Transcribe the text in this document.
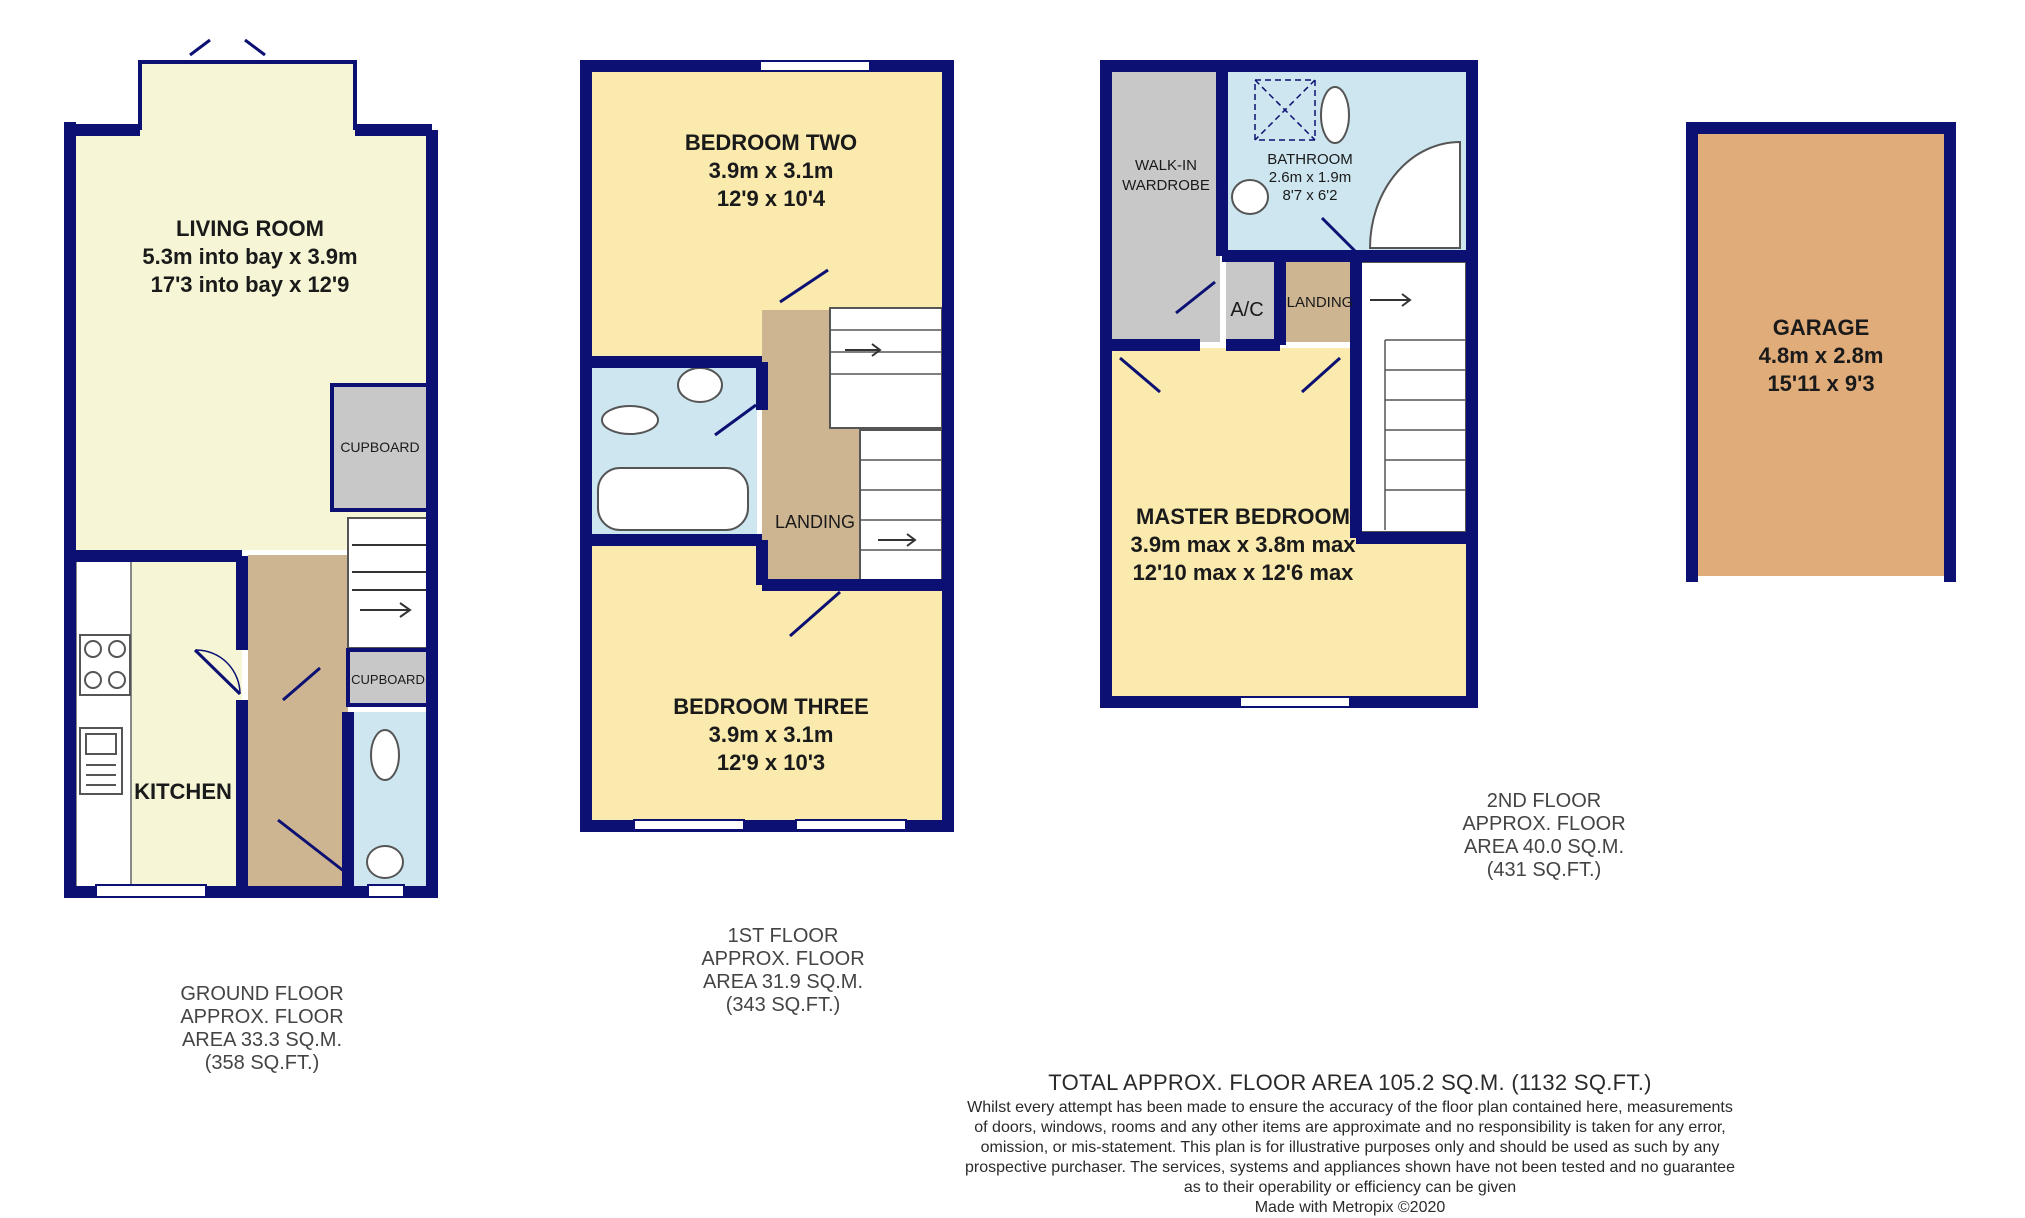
LIVING ROOM
5.3m into bay x 3.9m
17'3 into bay x 12'9
CUPBOARD
CUPBOARD
KITCHEN
BEDROOM TWO
3.9m x 3.1m
12'9 x 10'4
LANDING
BEDROOM THREE
3.9m x 3.1m
12'9 x 10'3
WALK-IN
WARDROBE
BATHROOM
2.6m x 1.9m
8'7 x 6'2
A/C LANDING
MASTER BEDROOM
3.9m max x 3.8m max
12'10 max x 12'6 max
GARAGE
4.8m x 2.8m
15'11 x 9'3
GROUND FLOOR
APPROX. FLOOR
AREA 33.3 SQ.M.
(358 SQ.FT.)
1ST FLOOR
APPROX. FLOOR
AREA 31.9 SQ.M.
(343 SQ.FT.)
2ND FLOOR
APPROX. FLOOR
AREA 40.0 SQ.M.
(431 SQ.FT.)
TOTAL APPROX. FLOOR AREA 105.2 SQ.M. (1132 SQ.FT.)
Whilst every attempt has been made to ensure the accuracy of the floor plan contained here, measurements
of doors, windows, rooms and any other items are approximate and no responsibility is taken for any error,
omission, or mis-statement. This plan is for illustrative purposes only and should be used as such by any
prospective purchaser. The services, systems and appliances shown have not been tested and no guarantee
as to their operability or efficiency can be given
Made with Metropix ©2020
